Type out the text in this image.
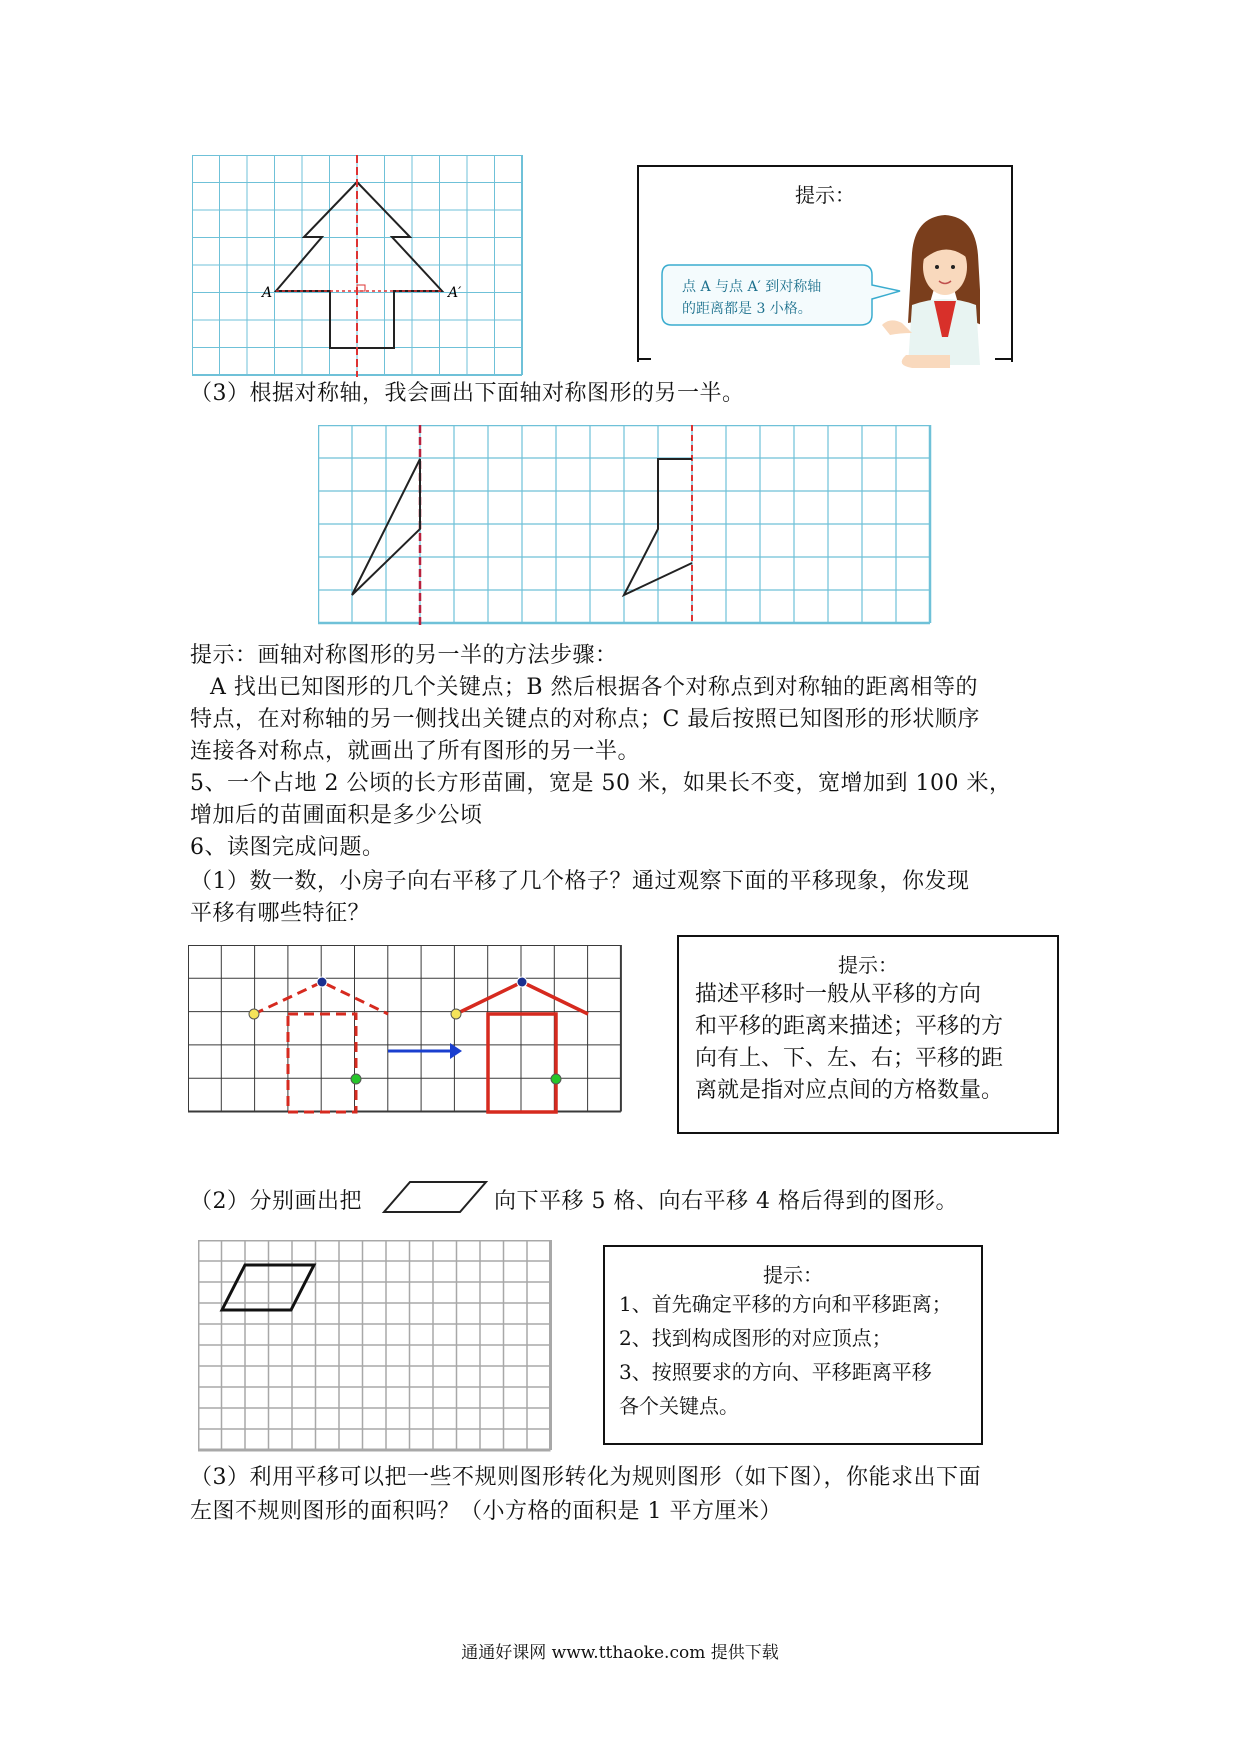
A	A′
提示：
点 A 与点 A′ 到对称轴
的距离都是 3 小格。
（3）根据对称轴，我会画出下面轴对称图形的另一半。
提示：画轴对称图形的另一半的方法步骤：
A 找出已知图形的几个关键点；B 然后根据各个对称点到对称轴的距离相等的
特点，在对称轴的另一侧找出关键点的对称点；C 最后按照已知图形的形状顺序
连接各对称点，就画出了所有图形的另一半。
5、一个占地 2 公顷的长方形苗圃，宽是 50 米，如果长不变，宽增加到 100 米，
增加后的苗圃面积是多少公顷
6、读图完成问题。
（1）数一数，小房子向右平移了几个格子？通过观察下面的平移现象，你发现
平移有哪些特征？
提示：
描述平移时一般从平移的方向
和平移的距离来描述；平移的方
向有上、下、左、右；平移的距
离就是指对应点间的方格数量。
（2）分别画出把	向下平移 5 格、向右平移 4 格后得到的图形。
提示：
1、首先确定平移的方向和平移距离；
2、找到构成图形的对应顶点；
3、按照要求的方向、平移距离平移
各个关键点。
（3）利用平移可以把一些不规则图形转化为规则图形（如下图），你能求出下面
左图不规则图形的面积吗？（小方格的面积是 1 平方厘米）
通通好课网 www.tthaoke.com 提供下载
